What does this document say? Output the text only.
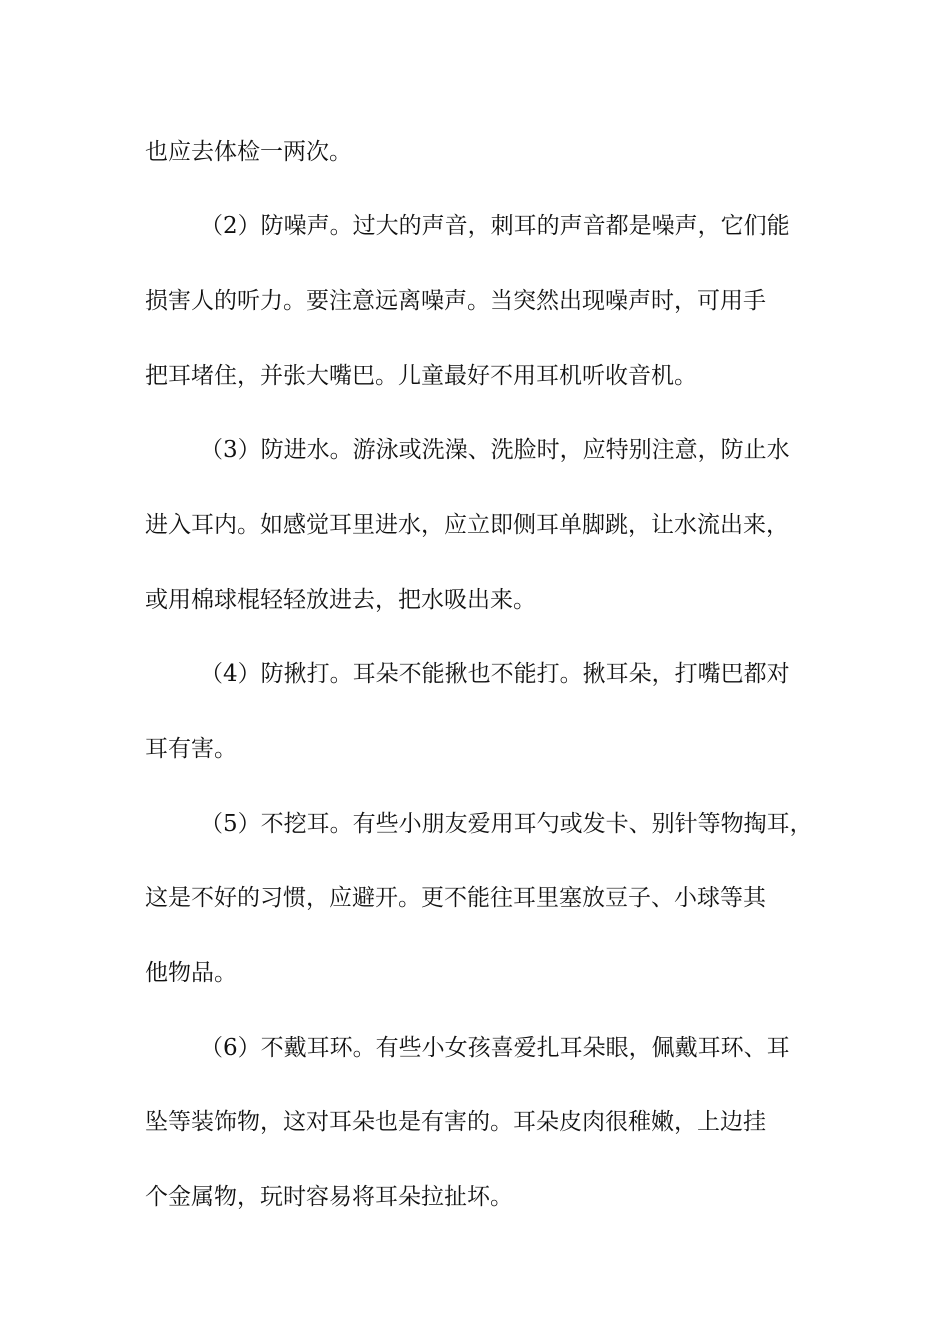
也应去体检一两次。
（2）防噪声。过大的声音，刺耳的声音都是噪声，它们能
损害人的听力。要注意远离噪声。当突然出现噪声时，可用手
把耳堵住，并张大嘴巴。儿童最好不用耳机听收音机。
（3）防进水。游泳或洗澡、洗脸时，应特别注意，防止水
进入耳内。如感觉耳里进水，应立即侧耳单脚跳，让水流出来，
或用棉球棍轻轻放进去，把水吸出来。
（4）防揪打。耳朵不能揪也不能打。揪耳朵，打嘴巴都对
耳有害。
（5）不挖耳。有些小朋友爱用耳勺或发卡、别针等物掏耳，
这是不好的习惯，应避开。更不能往耳里塞放豆子、小球等其
他物品。
（6）不戴耳环。有些小女孩喜爱扎耳朵眼，佩戴耳环、耳
坠等装饰物，这对耳朵也是有害的。耳朵皮肉很稚嫩，上边挂
个金属物，玩时容易将耳朵拉扯坏。
